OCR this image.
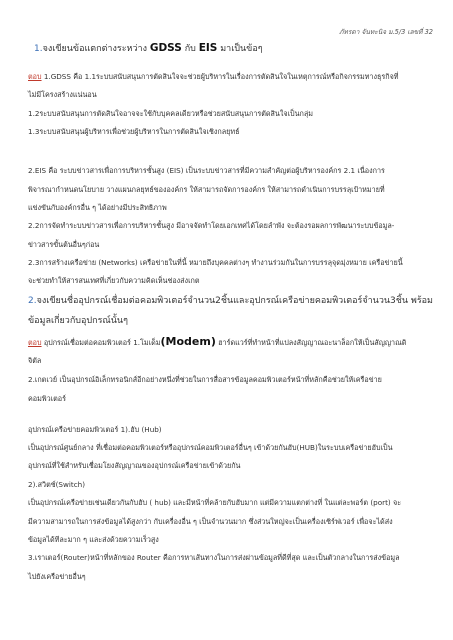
ภัทรดา จันทะนิจ ม.5/3 เลขที่ 32
1.จงเขียนข้อแตกต่างระหว่าง GDSS กับ EIS มาเป็นข้อๆ
ตอบ 1.GDSS คือ 1.1ระบบสนับสนุนการตัดสินใจจะช่วยผู้บริหารในเรื่องการตัดสินใจในเหตุการณ์หรือกิจกรรมทางธุรกิจที่
ไม่มีโครงสร้างแน่นอน
1.2ระบบสนับสนุนการตัดสินใจอาจจะใช้กับบุคคลเดียวหรือช่วยสนับสนุนการตัดสินใจเป็นกลุ่ม
1.3ระบบสนับสนุนผู้บริหารเพื่อช่วยผู้บริหารในการตัดสินใจเชิงกลยุทธ์
2.EIS คือ ระบบข่าวสารเพื่อการบริหารชั้นสูง (EIS) เป็นระบบข่าวสารที่มีความสำคัญต่อผู้บริหารองค์กร 2.1 เนื่องการ
พิจารณากำหนดนโยบาย วางแผนกลยุทธ์ขององค์กร ให้สามารถจัดการองค์กร ให้สามารถดำเนินการบรรลุเป้าหมายที่
แข่งขันกับองค์กรอื่น ๆ ได้อย่างมีประสิทธิภาพ
2.2การจัดทำระบบข่าวสารเพื่อการบริหารชั้นสูง มีอาจจัดทำโดยเอกเทศได้โดยลำพัง จะต้องรอผลการพัฒนาระบบข้อมูล-
ข่าวสารขั้นต้นอื่นๆก่อน
2.3การสร้างเครือข่าย (Networks) เครือข่ายในที่นี้ หมายถึงบุคคลต่างๆ ทำงานร่วมกันในการบรรลุจุดมุ่งหมาย เครือข่ายนี้
จะช่วยทำให้สารสนเทศที่เกี่ยวกับความคิดเห็นช่องส่งเกต
2.จงเขียนชื่ออุปกรณ์เชื่อมต่อคอมพิวเตอร์จำนวน2ชิ้นและอุปกรณ์เครือข่ายคอมพิวเตอร์จำนวน3ชิ้น พร้อม
ข้อมูลเกี่ยวกับอุปกรณ์นั้นๆ
ตอบ อุปกรณ์เชื่อมต่อคอมพิวเตอร์ 1.โมเด็ม(Modem) ฮาร์ดแวร์ที่ทำหน้าที่แปลงสัญญาณอะนาล็อกให้เป็นสัญญาณดิ
จิตัล
2.เกตเวย์ เป็นอุปกรณ์อิเล็กทรอนิกส์อีกอย่างหนึ่งที่ช่วยในการสื่อสารข้อมูลคอมพิวเตอร์หน้าที่หลักคือช่วยให้เครือข่าย
คอมพิวเตอร์
อุปกรณ์เครือข่ายคอมพิวเตอร์ 1).ฮับ (Hub)
เป็นอุปกรณ์ศูนย์กลาง ที่เชื่อมต่อคอมพิวเตอร์หรืออุปกรณ์คอมพิวเตอร์อื่นๆ เข้าด้วยกันฮับ(HUB)ในระบบเครือข่ายฮับเป็น
อุปกรณ์ที่ใช้สำหรับเชื่อมโยงสัญญาณของอุปกรณ์เครือข่ายเข้าด้วยกัน
2).สวิตช์(Switch)
เป็นอุปกรณ์เครือข่ายเช่นเดียวกันกับฮับ ( hub) และมีหน้าที่คล้ายกับฮับมาก แต่มีความแตกต่างที่ ในแต่ละพอร์ต (port) จะ
มีความสามารถในการส่งข้อมูลได้สูงกว่า กับเครื่องอื่น ๆ เป็นจำนวนมาก ซึ่งส่วนใหญ่จะเป็นเครื่องเซิร์ฟเวอร์ เพื่อจะได้ส่ง
ข้อมูลได้ทีละมาก ๆ และส่งด้วยความเร็วสูง
3.เราเตอร์(Router)หน้าที่หลักของ Router คือการหาเส้นทางในการส่งผ่านข้อมูลที่ดีที่สุด และเป็นตัวกลางในการส่งข้อมูล
ไปยังเครือข่ายอื่นๆ
